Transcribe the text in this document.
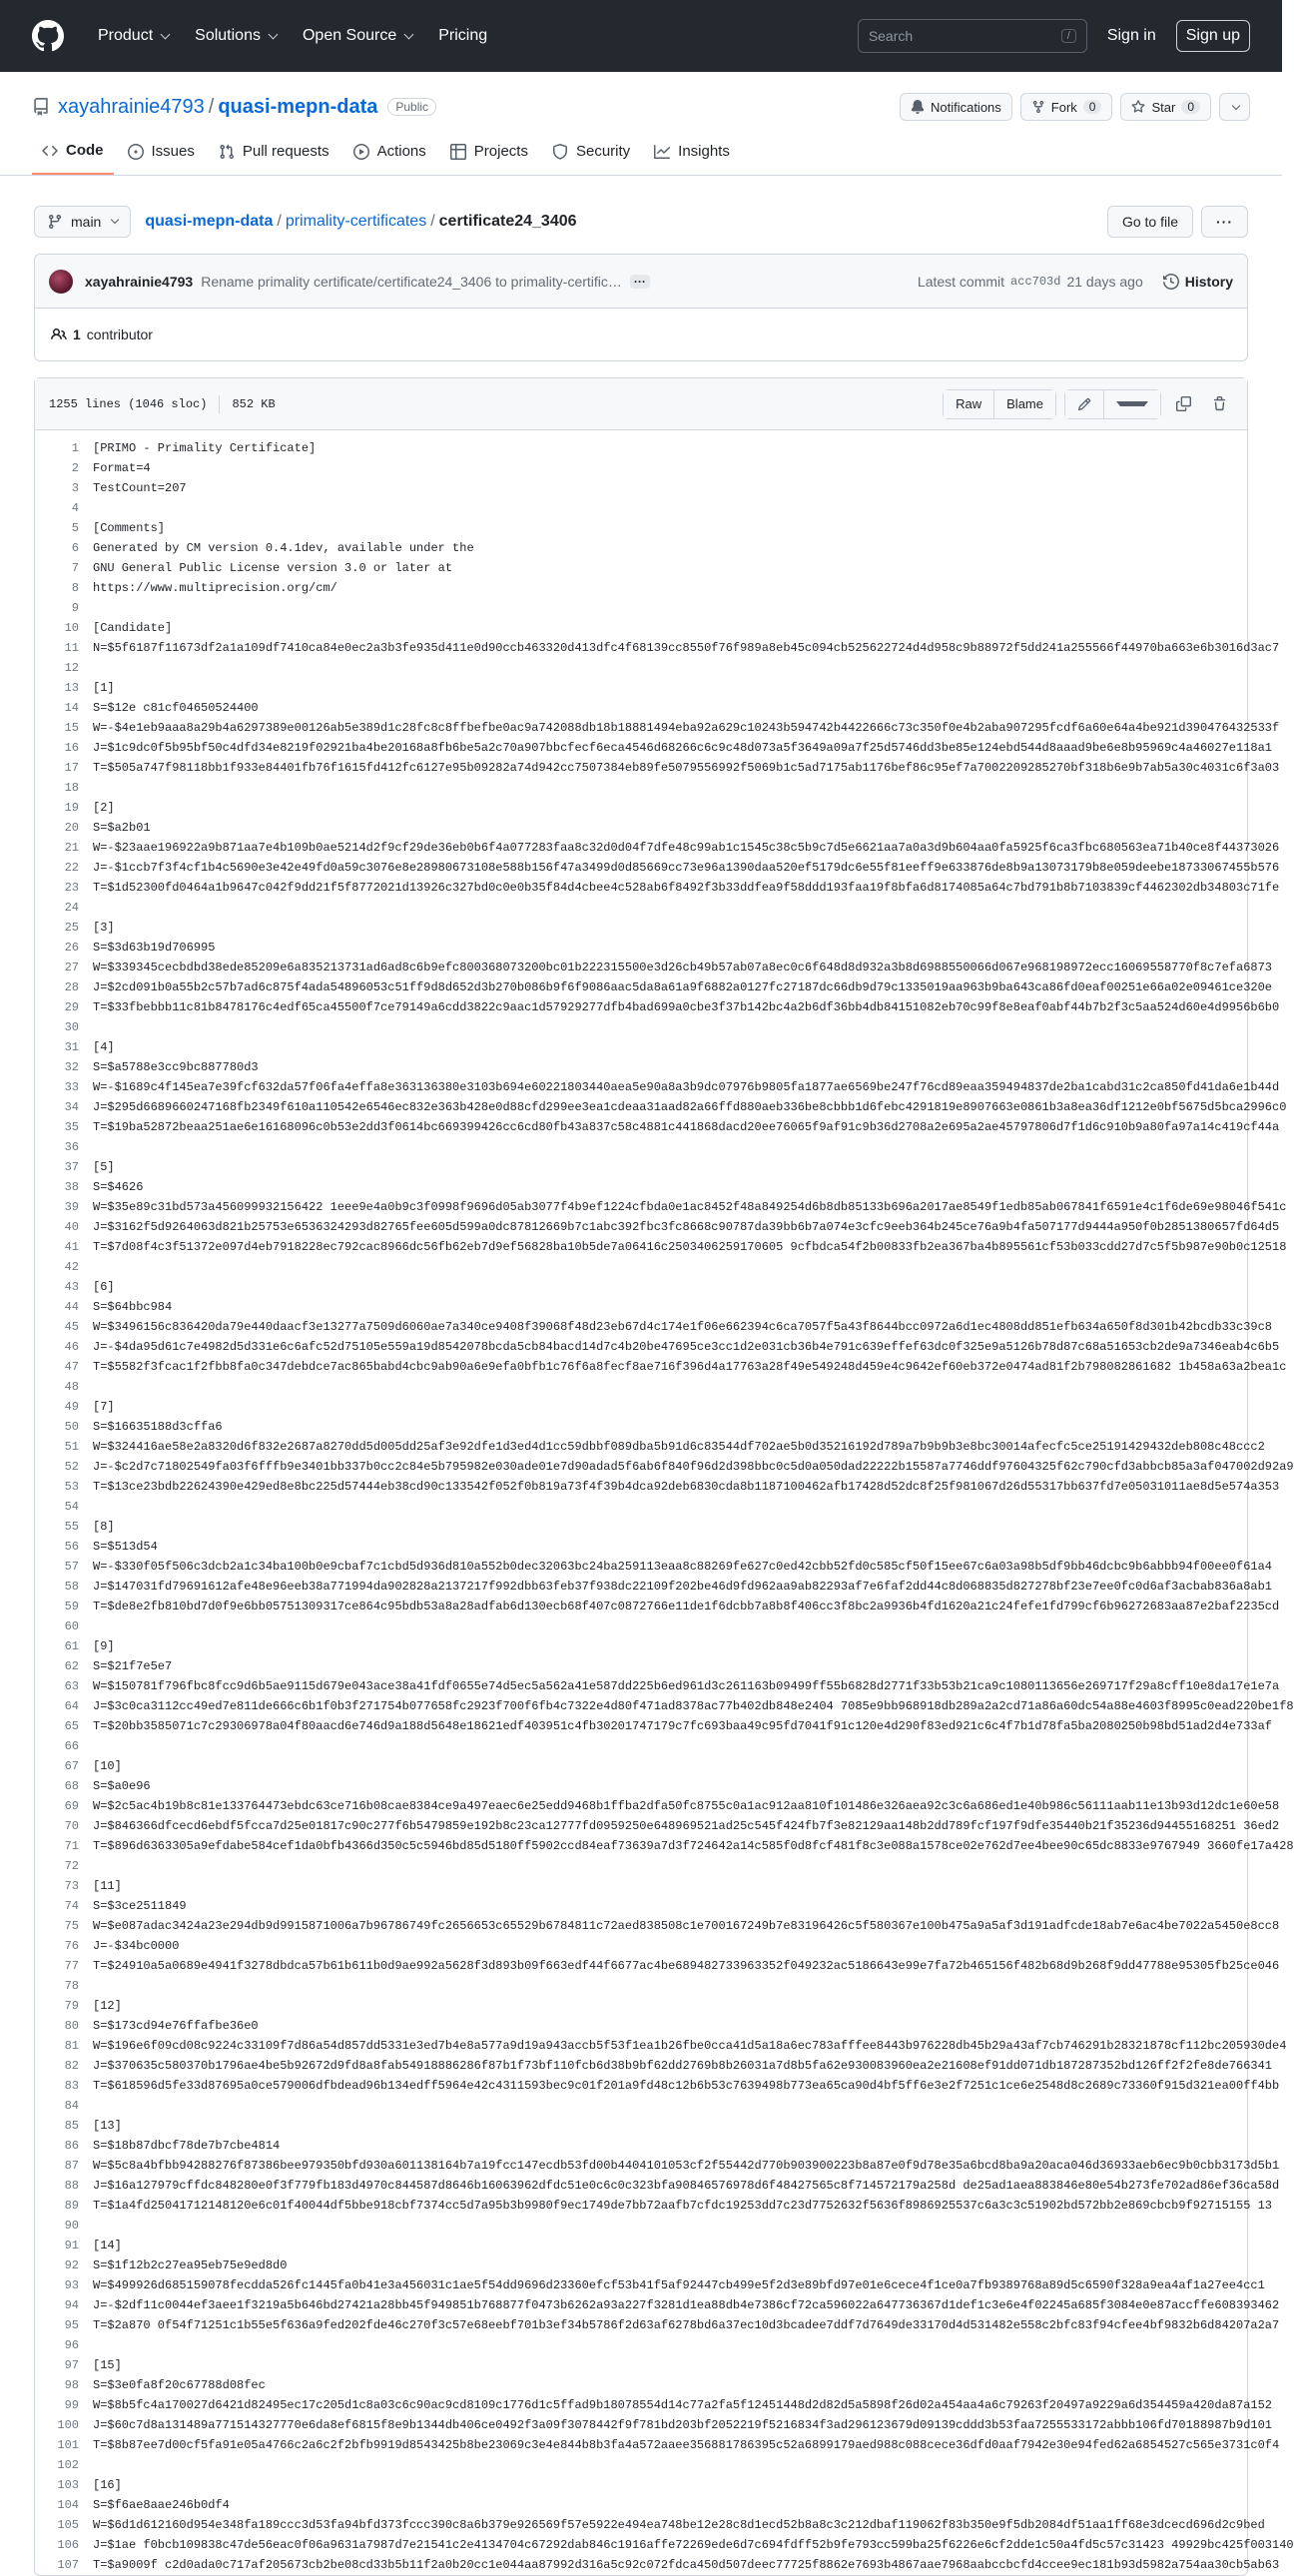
Product	Solutions	Open Source	Pricing
Search	/	Sign in	Sign up
xayahrainie4793 / quasi-mepn-data	Public	Notifications	Fork	0	Star	0
Code	Issues	Pull requests	Actions	Projects	Security	Insights
main	quasi-mepn-data / primality-certificates / certificate24_3406	Go to file	···
xayahrainie4793 Rename primality certificate/certificate24_3406 to primality-certific…	···	Latest commit acc703d 21 days ago	History
1 contributor
1255 lines (1046 sloc) 852 KB	Raw	Blame
1	[PRIMO - Primality Certificate]
2	Format=4
3	TestCount=207
4
5	[Comments]
6	Generated by CM version 0.4.1dev, available under the
7	GNU General Public License version 3.0 or later at
8	https://www.multiprecision.org/cm/
9
10	[Candidate]
11	N=$5f6187f11673df2a1a109df7410ca84e0ec2a3b3fe935d411e0d90ccb463320d413dfc4f68139cc8550f76f989a8eb45c094cb525622724d4d958c9b88972f5dd241a255566f44970ba663e6b3016d3ac7
12
13	[1]
14	S=$12e c81cf04650524400
15	W=-$4e1eb9aaa8a29b4a6297389e00126ab5e389d1c28fc8c8ffbefbe0ac9a742088db18b18881494eba92a629c10243b594742b4422666c73c350f0e4b2aba907295fcdf6a60e64a4be921d390476432533f
16	J=$1c9dc0f5b95bf50c4dfd34e8219f02921ba4be20168a8fb6be5a2c70a907bbcfecf6eca4546d68266c6c9c48d073a5f3649a09a7f25d5746dd3be85e124ebd544d8aaad9be6e8b95969c4a46027e118a1
17	T=$505a747f98118bb1f933e84401fb76f1615fd412fc6127e95b09282a74d942cc7507384eb89fe5079556992f5069b1c5ad7175ab1176bef86c95ef7a7002209285270bf318b6e9b7ab5a30c4031c6f3a03
18
19	[2]
20	S=$a2b01
21	W=-$23aae196922a9b871aa7e4b109b0ae5214d2f9cf29de36eb0b6f4a077283faa8c32d0d04f7dfe48c99ab1c1545c38c5b9c7d5e6621aa7a0a3d9b604aa0fa5925f6ca3fbc680563ea71b40ce8f44373026
22	J=-$1ccb7f3f4cf1b4c5690e3e42e49fd0a59c3076e8e28980673108e588b156f47a3499d0d85669cc73e96a1390daa520ef5179dc6e55f81eeff9e633876de8b9a13073179b8e059deebe18733067455b576
23	T=$1d52300fd0464a1b9647c042f9dd21f5f8772021d13926c327bd0c0e0b35f84d4cbee4c528ab6f8492f3b33ddfea9f58ddd193faa19f8bfa6d8174085a64c7bd791b8b7103839cf4462302db34803c71fe
24
25	[3]
26	S=$3d63b19d706995
27	W=$339345cecbdbd38ede85209e6a835213731ad6ad8c6b9efc800368073200bc01b222315500e3d26cb49b57ab07a8ec0c6f648d8d932a3b8d6988550066d067e968198972ecc16069558770f8c7efa6873
28	J=$2cd091b0a55b2c57b7ad6c875f4ada54896053c51ff9d8d652d3b270b086b9f6f9086aac5da8a61a9f6882a0127fc27187dc66db9d79c1335019aa963b9ba643ca86fd0eaf00251e66a02e09461ce320e
29	T=$33fbebbb11c81b8478176c4edf65ca45500f7ce79149a6cdd3822c9aac1d57929277dfb4bad699a0cbe3f37b142bc4a2b6df36bb4db84151082eb70c99f8e8eaf0abf44b7b2f3c5aa524d60e4d9956b6b0
30
31	[4]
32	S=$a5788e3cc9bc887780d3
33	W=-$1689c4f145ea7e39fcf632da57f06fa4effa8e363136380e3103b694e60221803440aea5e90a8a3b9dc07976b9805fa1877ae6569be247f76cd89eaa359494837de2ba1cabd31c2ca850fd41da6e1b44d
34	J=$295d6689660247168fb2349f610a110542e6546ec832e363b428e0d88cfd299ee3ea1cdeaa31aad82a66ffd880aeb336be8cbbb1d6febc4291819e8907663e0861b3a8ea36df1212e0bf5675d5bca2996c0
35	T=$19ba52872beaa251ae6e16168096c0b53e2dd3f0614bc669399426cc6cd80fb43a837c58c4881c441868dacd20ee76065f9af91c9b36d2708a2e695a2ae45797806d7f1d6c910b9a80fa97a14c419cf44a
36
37	[5]
38	S=$4626
39	W=$35e89c31bd573a456099932156422 1eee9e4a0b9c3f0998f9696d05ab3077f4b9ef1224cfbda0e1ac8452f48a849254d6b8db85133b696a2017ae8549f1edb85ab067841f6591e4c1f6de69e98046f541c
40	J=$3162f5d9264063d821b25753e6536324293d82765fee605d599a0dc87812669b7c1abc392fbc3fc8668c90787da39bb6b7a074e3cfc9eeb364b245ce76a9b4fa507177d9444a950f0b2851380657fd64d5
41	T=$7d08f4c3f51372e097d4eb7918228ec792cac8966dc56fb62eb7d9ef56828ba10b5de7a06416c2503406259170605 9cfbdca54f2b00833fb2ea367ba4b895561cf53b033cdd27d7c5f5b987e90b0c12518
42
43	[6]
44	S=$64bbc984
45	W=$3496156c836420da79e440daacf3e13277a7509d6060ae7a340ce9408f39068f48d23eb67d4c174e1f06e662394c6ca7057f5a43f8644bcc0972a6d1ec4808dd851efb634a650f8d301b42bcdb33c39c8
46	J=-$4da95d61c7e4982d5d331e6c6afc52d75105e559a19d8542078bcda5cb84bacd14d7c4b20be47695ce3cc1d2e031cb36b4e791c639effef63dc0f325e9a5126b78d87c68a51653cb2de9a7346eab4c6b5
47	T=$5582f3fcac1f2fbb8fa0c347debdce7ac865babd4cbc9ab90a6e9efa0bfb1c76f6a8fecf8ae716f396d4a17763a28f49e549248d459e4c9642ef60eb372e0474ad81f2b798082861682 1b458a63a2bea1c
48
49	[7]
50	S=$16635188d3cffa6
51	W=$324416ae58e2a8320d6f832e2687a8270dd5d005dd25af3e92dfe1d3ed4d1cc59dbbf089dba5b91d6c83544df702ae5b0d35216192d789a7b9b9b3e8bc30014afecfc5ce25191429432deb808c48ccc2
52	J=-$c2d7c71802549fa03f6fffb9e3401bb337b0cc2c84e5b795982e030ade01e7d90adad5f6ab6f840f96d2d398bbc0c5d0a050dad22222b15587a7746ddf97604325f62c790cfd3abbcb85a3af047002d92a9
53	T=$13ce23bdb22624390e429ed8e8bc225d57444eb38cd90c133542f052f0b819a73f4f39b4dca92deb6830cda8b1187100462afb17428d52dc8f25f981067d26d55317bb637fd7e05031011ae8d5e574a353
54
55	[8]
56	S=$513d54
57	W=-$330f05f506c3dcb2a1c34ba100b0e9cbaf7c1cbd5d936d810a552b0dec32063bc24ba259113eaa8c88269fe627c0ed42cbb52fd0c585cf50f15ee67c6a03a98b5df9bb46dcbc9b6abbb94f00ee0f61a4
58	J=$147031fd79691612afe48e96eeb38a771994da902828a2137217f992dbb63feb37f938dc22109f202be46d9fd962aa9ab82293af7e6faf2dd44c8d068835d827278bf23e7ee0fc0d6af3acbab836a8ab1
59	T=$de8e2fb810bd7d0f9e6bb05751309317ce864c95bdb53a8a28adfab6d130ecb68f407c0872766e11de1f6dcbb7a8b8f406cc3f8bc2a9936b4fd1620a21c24fefe1fd799cf6b96272683aa87e2baf2235cd
60
61	[9]
62	S=$21f7e5e7
63	W=$150781f796fbc8fcc9d6b5ae9115d679e043ace38a41fdf0655e74d5ec5a562a41e587dd225b6ed961d3c261163b09499ff55b6828d2771f33b53b21ca9c1080113656e269717f29a8cff10e8da17e1e7a
64	J=$3c0ca3112cc49ed7e811de666c6b1f0b3f271754b077658fc2923f700f6fb4c7322e4d80f471ad8378ac77b402db848e2404 7085e9bb968918db289a2a2cd71a86a60dc54a88e4603f8995c0ead220be1f8
65	T=$20bb3585071c7c29306978a04f80aacd6e746d9a188d5648e18621edf403951c4fb30201747179c7fc693baa49c95fd7041f91c120e4d290f83ed921c6c4f7b1d78fa5ba2080250b98bd51ad2d4e733af
66
67	[10]
68	S=$a0e96
69	W=$2c5ac4b19b8c81e133764473ebdc63ce716b08cae8384ce9a497eaec6e25edd9468b1ffba2dfa50fc8755c0a1ac912aa810f101486e326aea92c3c6a686ed1e40b986c56111aab11e13b93d12dc1e60e58
70	J=$846366dfcecd6ebdf5fcca7d25e01817c90c277f6b5479859e192b8c23ca12777fd0959250e648969521ad25c545f424fb7f3e82129aa148b2dd789fcf197f9dfe35440b21f35236d94455168251 36ed2
71	T=$896d6363305a9efdabe584cef1da0bfb4366d350c5c5946bd85d5180ff5902ccd84eaf73639a7d3f724642a14c585f0d8fcf481f8c3e088a1578ce02e762d7ee4bee90c65dc8833e9767949 3660fe17a428
72
73	[11]
74	S=$3ce2511849
75	W=$e087adac3424a23e294db9d9915871006a7b96786749fc2656653c65529b6784811c72aed838508c1e700167249b7e83196426c5f580367e100b475a9a5af3d191adfcde18ab7e6ac4be7022a5450e8cc8
76	J=-$34bc0000
77	T=$24910a5a0689e4941f3278dbdca57b61b611b0d9ae992a5628f3d893b09f663edf44f6677ac4be689482733963352f049232ac5186643e99e7fa72b465156f482b68d9b268f9dd47788e95305fb25ce046
78
79	[12]
80	S=$173cd94e76ffafbe36e0
81	W=$196e6f09cd08c9224c33109f7d86a54d857dd5331e3ed7b4e8a577a9d19a943accb5f53f1ea1b26fbe0cca41d5a18a6ec783afffee8443b976228db45b29a43af7cb746291b28321878cf112bc205930de4
82	J=$370635c580370b1796ae4be5b92672d9fd8a8fab54918886286f87b1f73bf110fcb6d38b9bf62dd2769b8b26031a7d8b5fa62e930083960ea2e21608ef91dd071db187287352bd126ff2f2fe8de766341
83	T=$618596d5fe33d87695a0ce579006dfbdead96b134edff5964e42c4311593bec9c01f201a9fd48c12b6b53c7639498b773ea65ca90d4bf5ff6e3e2f7251c1ce6e2548d8c2689c73360f915d321ea00ff4bb
84
85	[13]
86	S=$18b87dbcf78de7b7cbe4814
87	W=$5c8a4bfbb94288276f87386bee979350bfd930a601138164b7a19fcc147ecdb53fd00b4404101053cf2f55442d770b903900223b8a87e0f9d78e35a6bcd8ba9a20aca046d36933aeb6ec9b0cbb3173d5b1
88	J=$16a127979cffdc848280e0f3f779fb183d4970c844587d8646b16063962dfdc51e0c6c0c323bfa90846576978d6f48427565c8f714572179a258d de25ad1aea883846e80e54b273fe702ad86ef36ca58d
89	T=$1a4fd25041712148120e6c01f40044df5bbe918cbf7374cc5d7a95b3b9980f9ec1749de7bb72aafb7cfdc19253dd7c23d7752632f5636f8986925537c6a3c3c51902bd572bb2e869cbcb9f92715155 13
90
91	[14]
92	S=$1f12b2c27ea95eb75e9ed8d0
93	W=$499926d685159078fecdda526fc1445fa0b41e3a456031c1ae5f54dd9696d23360efcf53b41f5af92447cb499e5f2d3e89bfd97e01e6cece4f1ce0a7fb9389768a89d5c6590f328a9ea4af1a27ee4cc1
94	J=-$2df11c0044ef3aee1f3219a5b646bd27421a28bb45f949851b768877f0473b6262a93a227f3281d1ea88db4e7386cf72ca596022a647736367d1def1c3e6e4f02245a685f3084e0e87accffe608393462
95	T=$2a870 0f54f71251c1b55e5f636a9fed202fde46c270f3c57e68eebf701b3ef34b5786f2d63af6278bd6a37ec10d3bcadee7ddf7d7649de33170d4d531482e558c2bfc83f94cfee4bf9832b6d84207a2a7
96
97	[15]
98	S=$3e0fa8f20c67788d08fec
99	W=$8b5fc4a170027d6421d82495ec17c205d1c8a03c6c90ac9cd8109c1776d1c5ffad9b18078554d14c77a2fa5f12451448d2d82d5a5898f26d02a454aa4a6c79263f20497a9229a6d354459a420da87a152
100	J=$60c7d8a131489a771514327770e6da8ef6815f8e9b1344db406ce0492f3a09f3078442f9f781bd203bf2052219f5216834f3ad296123679d09139cddd3b53faa7255533172abbb106fd70188987b9d101
101	T=$8b87ee7d00cf5fa91e05a4766c2a6c2f2bfb9919d8543425b8be23069c3e4e844b8b3fa4a572aaee356881786395c52a6899179aed988c088cece36dfd0aaf7942e30e94fed62a6854527c565e3731c0f4
102
103	[16]
104	S=$f6ae8aae246b0df4
105	W=$6d1d612160d954e348fa189ccc3d53fa94bfd373fccc390c8a6b379e926569f57e5922e494ea748be12e28c8d1ecd52b8a8c3c212dbaf119062f83b350e9f5db2084df51aa1ff68e3dcecd696d2c9bed
106	J=$1ae f0bcb109838c47de56eac0f06a9631a7987d7e21541c2e4134704c67292dab846c1916affe72269ede6d7c694fdff52b9fe793cc599ba25f6226e6cf2dde1c50a4fd5c57c31423 49929bc425f003140
107	T=$a9009f c2d0ada0c717af205673cb2be08cd33b5b11f2a0b20cc1e044aa87992d316a5c92c072fdca450d507deec77725f8862e7693b4867aae7968aabccbcfd4ccee9ec181b93d5982a754aa30cb5ab63
